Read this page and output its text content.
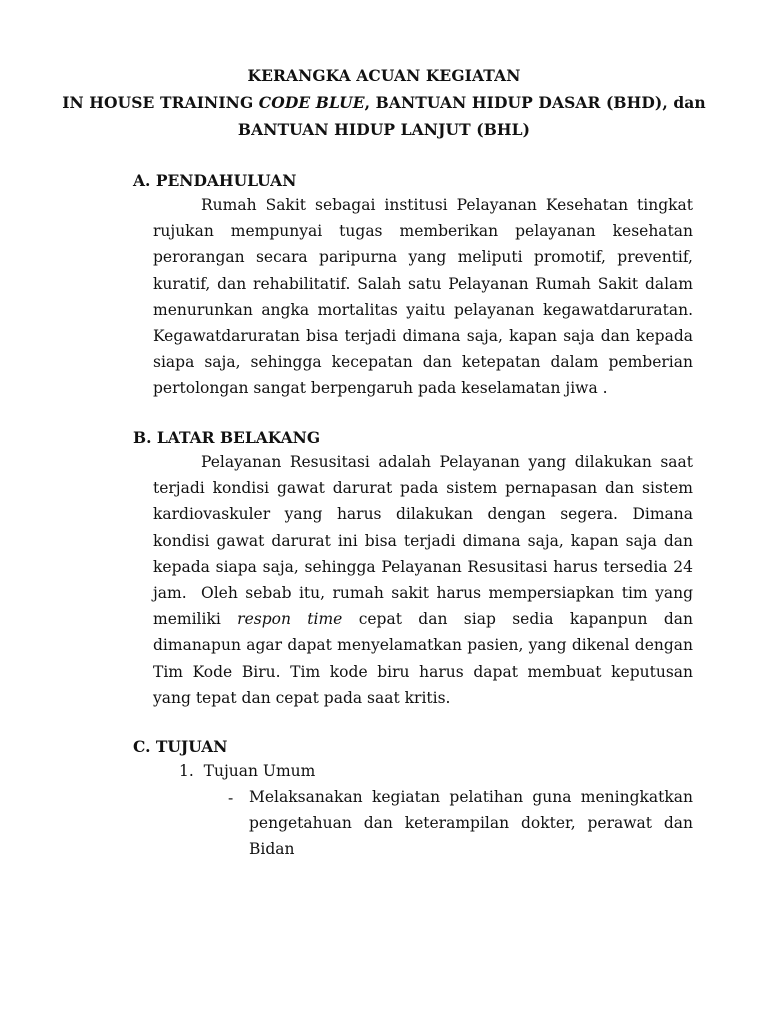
KERANGKA ACUAN KEGIATAN
IN HOUSE TRAINING CODE BLUE, BANTUAN HIDUP DASAR (BHD), dan
BANTUAN HIDUP LANJUT (BHL)
A. PENDAHULUAN
Rumah Sakit sebagai institusi Pelayanan Kesehatan tingkat rujukan mempunyai tugas memberikan pelayanan kesehatan perorangan secara paripurna yang meliputi promotif, preventif, kuratif, dan rehabilitatif. Salah satu Pelayanan Rumah Sakit dalam menurunkan angka mortalitas yaitu pelayanan kegawatdaruratan. Kegawatdaruratan bisa terjadi dimana saja, kapan saja dan kepada siapa saja, sehingga kecepatan dan ketepatan dalam pemberian pertolongan sangat berpengaruh pada keselamatan jiwa .
B. LATAR BELAKANG
Pelayanan Resusitasi adalah Pelayanan yang dilakukan saat terjadi kondisi gawat darurat pada sistem pernapasan dan sistem kardiovaskuler yang harus dilakukan dengan segera. Dimana kondisi gawat darurat ini bisa terjadi dimana saja, kapan saja dan kepada siapa saja, sehingga Pelayanan Resusitasi harus tersedia 24 jam. Oleh sebab itu, rumah sakit harus mempersiapkan tim yang memiliki respon time cepat dan siap sedia kapanpun dan dimanapun agar dapat menyelamatkan pasien, yang dikenal dengan Tim Kode Biru. Tim kode biru harus dapat membuat keputusan yang tepat dan cepat pada saat kritis.
C. TUJUAN
1. Tujuan Umum
- Melaksanakan kegiatan pelatihan guna meningkatkan pengetahuan dan keterampilan dokter, perawat dan Bidan
